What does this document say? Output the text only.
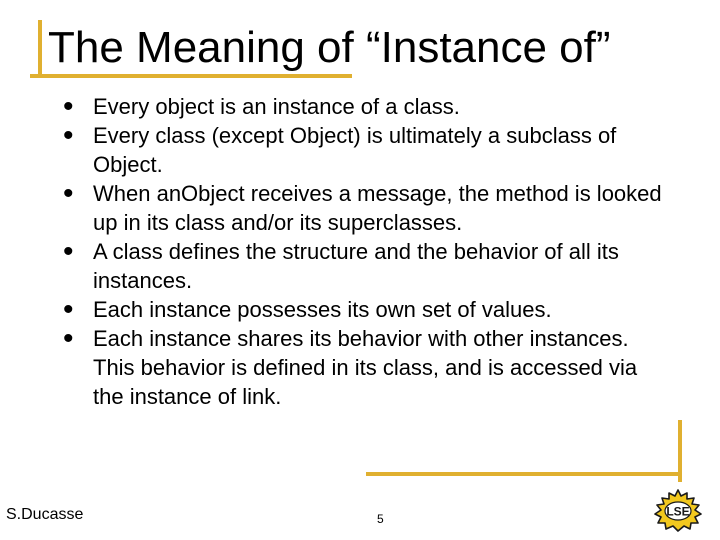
The Meaning of “Instance of”
• Every object is an instance of a class.
• Every class (except Object) is ultimately a subclass of Object.
• When anObject receives a message, the method is looked up in its class and/or its superclasses.
• A class defines the structure and the behavior of all its instances.
• Each instance possesses its own set of values.
• Each instance shares its behavior with other instances. This behavior is defined in its class, and is accessed via the instance of link.
S.Ducasse	5
LSE
